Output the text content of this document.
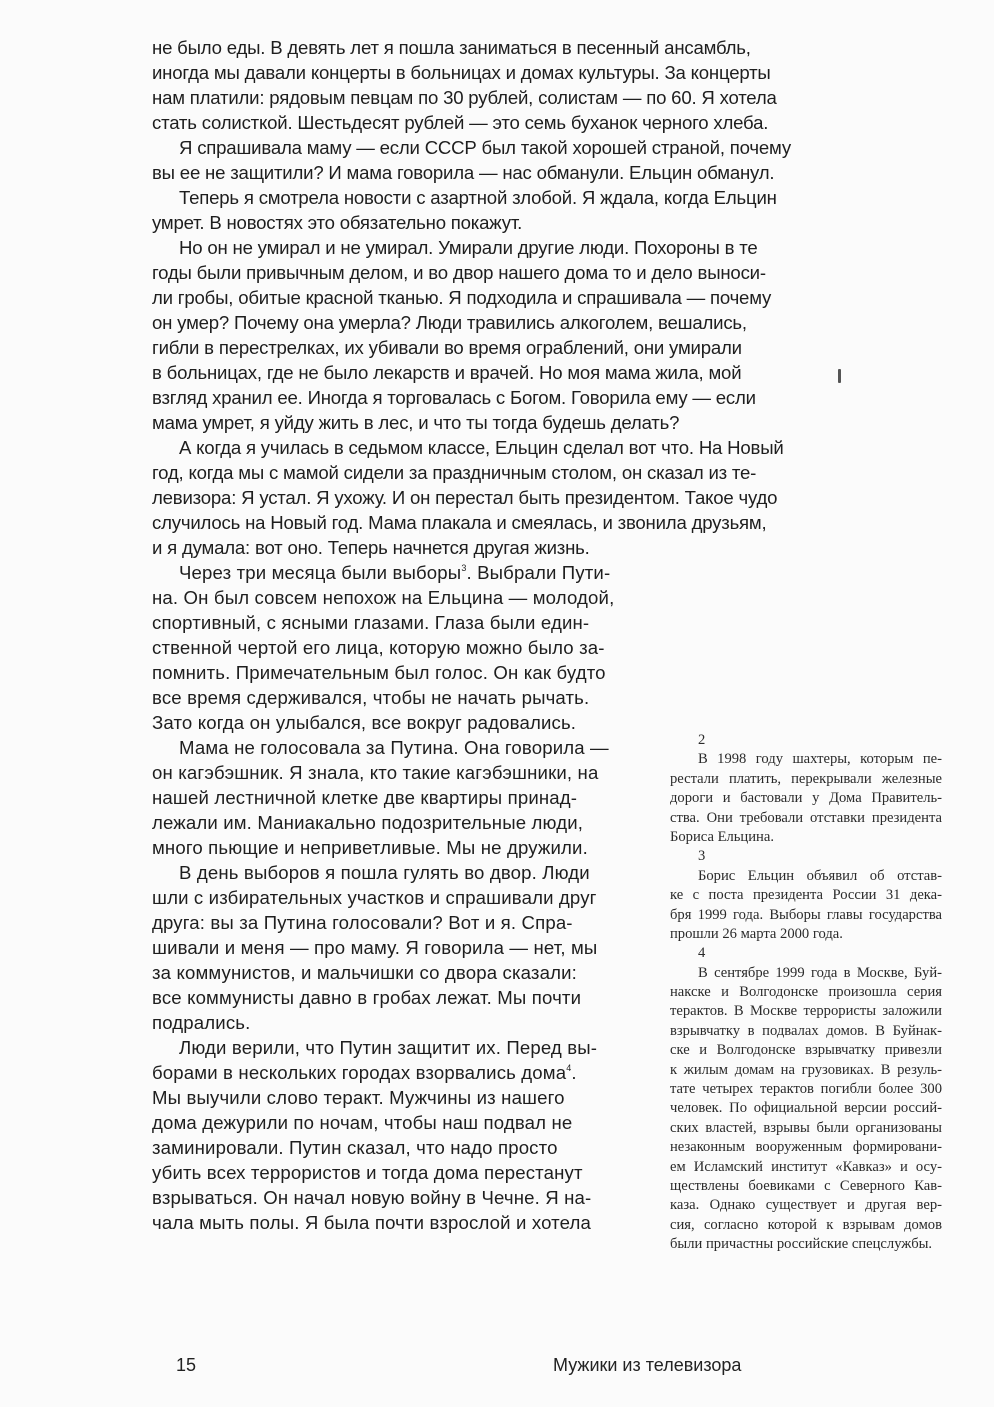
не было еды. В девять лет я пошла заниматься в песенный ансамбль,
иногда мы давали концерты в больницах и домах культуры. За концерты
нам платили: рядовым певцам по 30 рублей, солистам — по 60. Я хотела
стать солисткой. Шестьдесят рублей — это семь буханок черного хлеба.
Я спрашивала маму — если СССР был такой хорошей страной, почему
вы ее не защитили? И мама говорила — нас обманули. Ельцин обманул.
Теперь я смотрела новости с азартной злобой. Я ждала, когда Ельцин
умрет. В новостях это обязательно покажут.
Но он не умирал и не умирал. Умирали другие люди. Похороны в те
годы были привычным делом, и во двор нашего дома то и дело выноси-
ли гробы, обитые красной тканью. Я подходила и спрашивала — почему
он умер? Почему она умерла? Люди травились алкоголем, вешались,
гибли в перестрелках, их убивали во время ограблений, они умирали
в больницах, где не было лекарств и врачей. Но моя мама жила, мой
взгляд хранил ее. Иногда я торговалась с Богом. Говорила ему — если
мама умрет, я уйду жить в лес, и что ты тогда будешь делать?
А когда я училась в седьмом классе, Ельцин сделал вот что. На Новый
год, когда мы с мамой сидели за праздничным столом, он сказал из те-
левизора: Я устал. Я ухожу. И он перестал быть президентом. Такое чудо
случилось на Новый год. Мама плакала и смеялась, и звонила друзьям,
и я думала: вот оно. Теперь начнется другая жизнь.
Через три месяца были выборы$^3$. Выбрали Пути-
на. Он был совсем непохож на Ельцина — молодой,
спортивный, с ясными глазами. Глаза были един-
ственной чертой его лица, которую можно было за-
помнить. Примечательным был голос. Он как будто
все время сдерживался, чтобы не начать рычать.
Зато когда он улыбался, все вокруг радовались.
Мама не голосовала за Путина. Она говорила —
он кагэбэшник. Я знала, кто такие кагэбэшники, на
нашей лестничной клетке две квартиры принад-
лежали им. Маниакально подозрительные люди,
много пьющие и неприветливые. Мы не дружили.
В день выборов я пошла гулять во двор. Люди
шли с избирательных участков и спрашивали друг
друга: вы за Путина голосовали? Вот и я. Спра-
шивали и меня — про маму. Я говорила — нет, мы
за коммунистов, и мальчишки со двора сказали:
все коммунисты давно в гробах лежат. Мы почти
подрались.
Люди верили, что Путин защитит их. Перед вы-
борами в нескольких городах взорвались дома$^4$.
Мы выучили слово теракт. Мужчины из нашего
дома дежурили по ночам, чтобы наш подвал не
заминировали. Путин сказал, что надо просто
убить всех террористов и тогда дома перестанут
взрываться. Он начал новую войну в Чечне. Я на-
чала мыть полы. Я была почти взрослой и хотела
2
В 1998 году шахтеры, которым пе-
рестали платить, перекрывали железные
дороги и бастовали у Дома Правитель-
ства. Они требовали отставки президента
Бориса Ельцина.
3
Борис Ельцин объявил об отстав-
ке с поста президента России 31 дека-
бря 1999 года. Выборы главы государства
прошли 26 марта 2000 года.
4
В сентябре 1999 года в Москве, Буй-
накске и Волгодонске произошла серия
терактов. В Москве террористы заложили
взрывчатку в подвалах домов. В Буйнак-
ске и Волгодонске взрывчатку привезли
к жилым домам на грузовиках. В резуль-
тате четырех терактов погибли более 300
человек. По официальной версии россий-
ских властей, взрывы были организованы
незаконным вооруженным формировани-
ем Исламский институт «Кавказ» и осу-
ществлены боевиками с Северного Кав-
каза. Однако существует и другая вер-
сия, согласно которой к взрывам домов
были причастны российские спецслужбы.
15	Мужики из телевизора
